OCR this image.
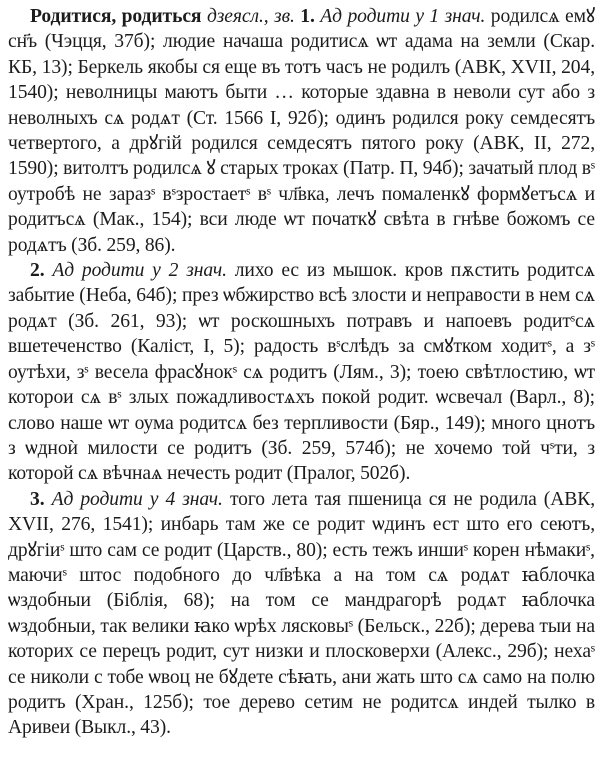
Родитися, родиться дзеясл., зв. 1. Ад родити у 1 знач. родилсѧ емꙋ сн҃ъ (Чэцця, 37б); людие начаша родитисѧ ѡт адама на земли (Скар. КБ, 13); Беркель якобы ся еще въ тотъ часъ не родилъ (АВК, XVII, 204, 1540); неволницы маютъ быти … которые здавна в неволи сут або з неволныхъ сѧ родѧт (Ст. 1566 I, 92б); одинъ родился року семдесятъ четвертого, а дрꙋгій родился семдесятъ пятого року (АВК, II, 272, 1590); витолтъ родилсѧ ꙋ старых троках (Патр. П, 94б); зачатый плод вˢ оутробѣ не заразˢ вˢзростаетˢ вˢ чл҃вка, лечъ помаленкꙋ формꙋетъсѧ и родитъсѧ (Мак., 154); вси люде ѡт початкꙋ свѣта в гнѣве божомъ се родѧтъ (Зб. 259, 86).

2. Ад родити у 2 знач. лихо ес из мышок. кров пѫстить родитсѧ забытие (Неба, 64б); през ѡбжирство всѣ злости и неправости в нем сѧ родѧт (Зб. 261, 93); ѡт роскошныхъ потравъ и напоевъ родитˢсѧ вшетеченство (Каліст, I, 5); радость вˢслѣдъ за смꙋтком ходитˢ, а зˢ оутѣхи, зˢ весела фрасꙋнокˢ сѧ родитъ (Лям., 3); тоею свѣтлостию, ѡт которои сѧ вˢ злых пожадливостѧхъ покой родит. ѡсвечал (Варл., 8); слово наше ѡт оума родитсѧ без терпливости (Бяр., 149); много цнотъ з ѡдноѝ милости се родитъ (Зб. 259, 574б); не хочемо той чˢти, з которой сѧ вѣчнаѧ нечесть родит (Пралог, 502б).

3. Ад родити у 4 знач. того лета тая пшеница ся не родила (АВК, XVII, 276, 1541); инбарь там же се родит ѡдинъ ест што его сеютъ, дрꙋгіиˢ што сам се родит (Царств., 80); есть тежъ иншиˢ корен нѣмакиˢ, маючиˢ штос подобного до чл҃вѣка а на том сѧ родѧт ꙗблочка ѡздобныи (Біблія, 68); на том се мандрагорѣ родѧт ꙗблочка ѡздобныи, так велики ꙗко ѡрѣх лясковыˢ (Бельск., 22б); дерева тыи на которих се перецъ родит, сут низки и плосковерхи (Алекс., 29б); нехаˢ се николи с тобе ѡвоц не бꙋдете сѣꙗть, ани жать што сѧ само на полю родитъ (Хран., 125б); тое дерево сетим не родитсѧ индей тылко в Аривеи (Выкл., 43).
